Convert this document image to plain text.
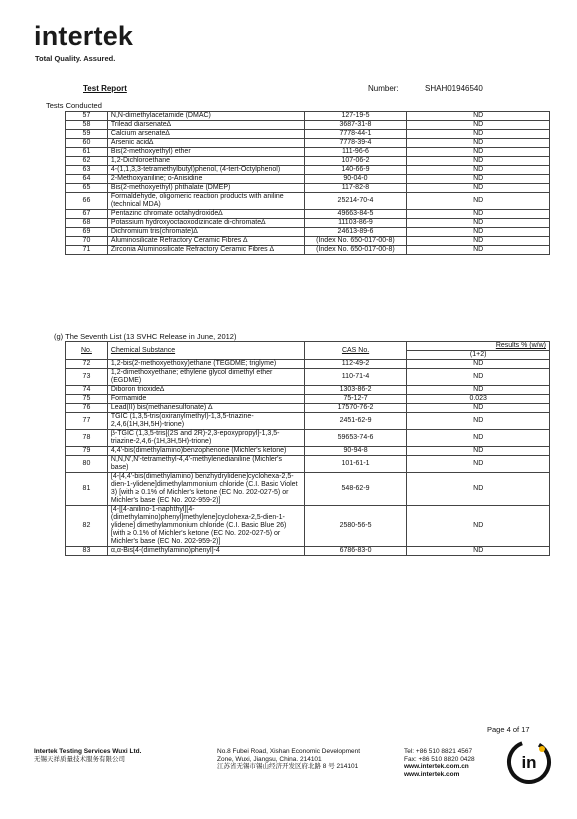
intertek
Total Quality. Assured.
Test Report	Number:	SHAH01946540
Tests Conducted
57	N,N-dimethylacetamide (DMAC)	127-19-5	ND
58	Trilead diarsenate∆	3687-31-8	ND
59	Calcium arsenate∆	7778-44-1	ND
60	Arsenic acid∆	7778-39-4	ND
61	Bis(2-methoxyethyl) ether	111-96-6	ND
62	1,2-Dichloroethane	107-06-2	ND
63	4-(1,1,3,3-tetramethylbutyl)phenol, (4-tert-Octylphenol)	140-66-9	ND
64	2-Methoxyaniline; o-Anisidine	90-04-0	ND
65	Bis(2-methoxyethyl) phthalate (DMEP)	117-82-8	ND
66	Formaldehyde, oligomeric reaction products with aniline (technical MDA)	25214-70-4	ND
67	Pentazinc chromate octahydroxide∆	49663-84-5	ND
68	Potassium hydroxyoctaoxodizincate di-chromate∆	11103-86-9	ND
69	Dichromium tris(chromate)∆	24613-89-6	ND
70	Aluminosilicate Refractory Ceramic Fibres ∆	(Index No. 650-017-00-8)	ND
71	Zirconia Aluminosilicate Refractory Ceramic Fibres ∆	(Index No. 650-017-00-8)	ND
(g) The Seventh List (13 SVHC Release in June, 2012)
No.	Chemical Substance	CAS No.	Results % (w/w)
			(1+2)
72	1,2-bis(2-methoxyethoxy)ethane (TEGDME; triglyme)	112-49-2	ND
73	1,2-dimethoxyethane; ethylene glycol dimethyl ether (EGDME)	110-71-4	ND
74	Diboron trioxide∆	1303-86-2	ND
75	Formamide	75-12-7	0.023
76	Lead(II) bis(methanesulfonate) ∆	17570-76-2	ND
77	TGIC (1,3,5-tris(oxiranylmethyl)-1,3,5-triazine-2,4,6(1H,3H,5H)-trione)	2451-62-9	ND
78	β-TGIC (1,3,5-tris[(2S and 2R)-2,3-epoxypropyl]-1,3,5-triazine-2,4,6-(1H,3H,5H)-trione)	59653-74-6	ND
79	4,4'-bis(dimethylamino)benzophenone (Michler's ketone)	90-94-8	ND
80	N,N,N',N'-tetramethyl-4,4'-methylenedianiline (Michler's base)	101-61-1	ND
81	[4-[4,4'-bis(dimethylamino) benzhydrylidene]cyclohexa-2,5-dien-1-ylidene]dimethylammonium chloride (C.I. Basic Violet 3) [with ≥ 0.1% of Michler's ketone (EC No. 202-027-5) or Michler's base (EC No. 202-959-2)]	548-62-9	ND
82	[4-[[4-anilino-1-naphthyl][4-(dimethylamino)phenyl]methylene]cyclohexa-2,5-dien-1-ylidene] dimethylammonium chloride (C.I. Basic Blue 26) [with ≥ 0.1% of Michler's ketone (EC No. 202-027-5) or Michler's base (EC No. 202-959-2)]	2580-56-5	ND
83	α,α-Bis[4-(dimethylamino)phenyl]-4	6786-83-0	ND
Page 4 of 17
Intertek Testing Services Wuxi Ltd.
无锡天祥质量技术服务有限公司
No.8 Fubei Road, Xishan Economic Development
Zone, Wuxi, Jiangsu, China. 214101
江苏省无锡市锡山经济开发区府北路 8 号 214101
Tel: +86 510 8821 4567
Fax: +86 510 8820 0428
www.intertek.com.cn
www.intertek.com
in
